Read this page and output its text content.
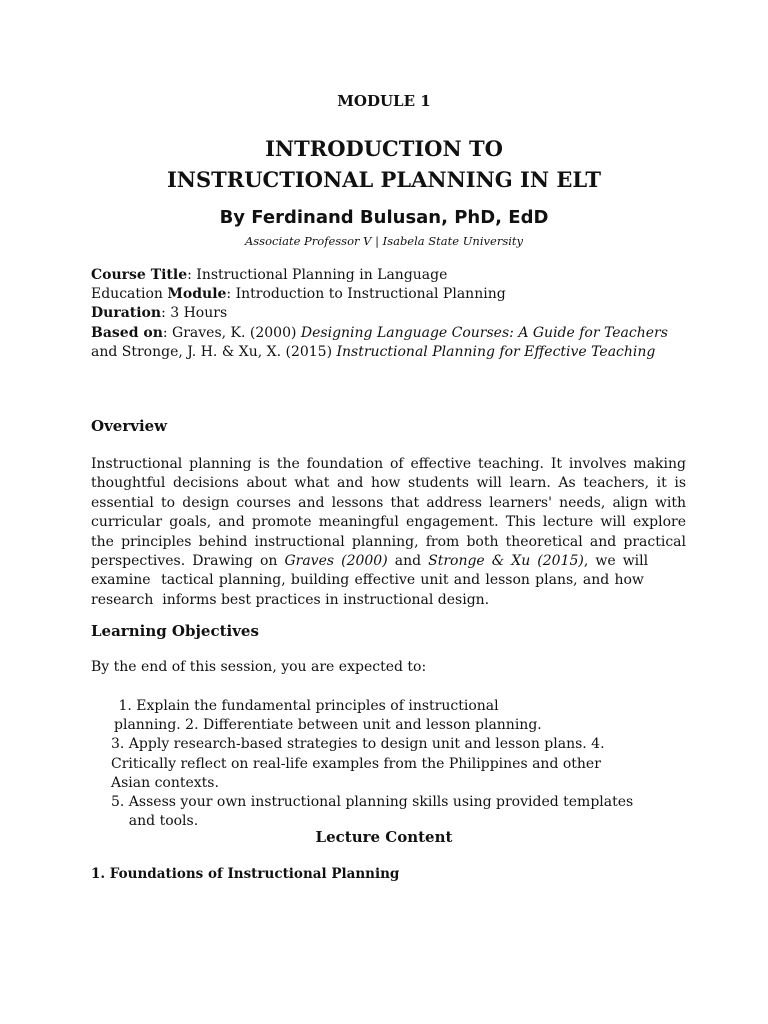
MODULE 1
INTRODUCTION TO
INSTRUCTIONAL PLANNING IN ELT
By Ferdinand Bulusan, PhD, EdD
Associate Professor V | Isabela State University
Course Title: Instructional Planning in Language
Education Module: Introduction to Instructional Planning
Duration: 3 Hours
Based on: Graves, K. (2000) Designing Language Courses: A Guide for Teachers
and Stronge, J. H. & Xu, X. (2015) Instructional Planning for Effective Teaching
Overview
Instructional planning is the foundation of effective teaching. It involves making
thoughtful decisions about what and how students will learn. As teachers, it is
essential to design courses and lessons that address learners' needs, align with
curricular goals, and promote meaningful engagement. This lecture will explore
the principles behind instructional planning, from both theoretical and practical
perspectives. Drawing on Graves (2000) and Stronge & Xu (2015), we will
examine  tactical planning, building effective unit and lesson plans, and how
research  informs best practices in instructional design.
Learning Objectives
By the end of this session, you are expected to:
1. Explain the fundamental principles of instructional
planning. 2. Differentiate between unit and lesson planning.
3. Apply research-based strategies to design unit and lesson plans. 4.
Critically reflect on real-life examples from the Philippines and other
Asian contexts.
5. Assess your own instructional planning skills using provided templates
and tools.
Lecture Content
1. Foundations of Instructional Planning
